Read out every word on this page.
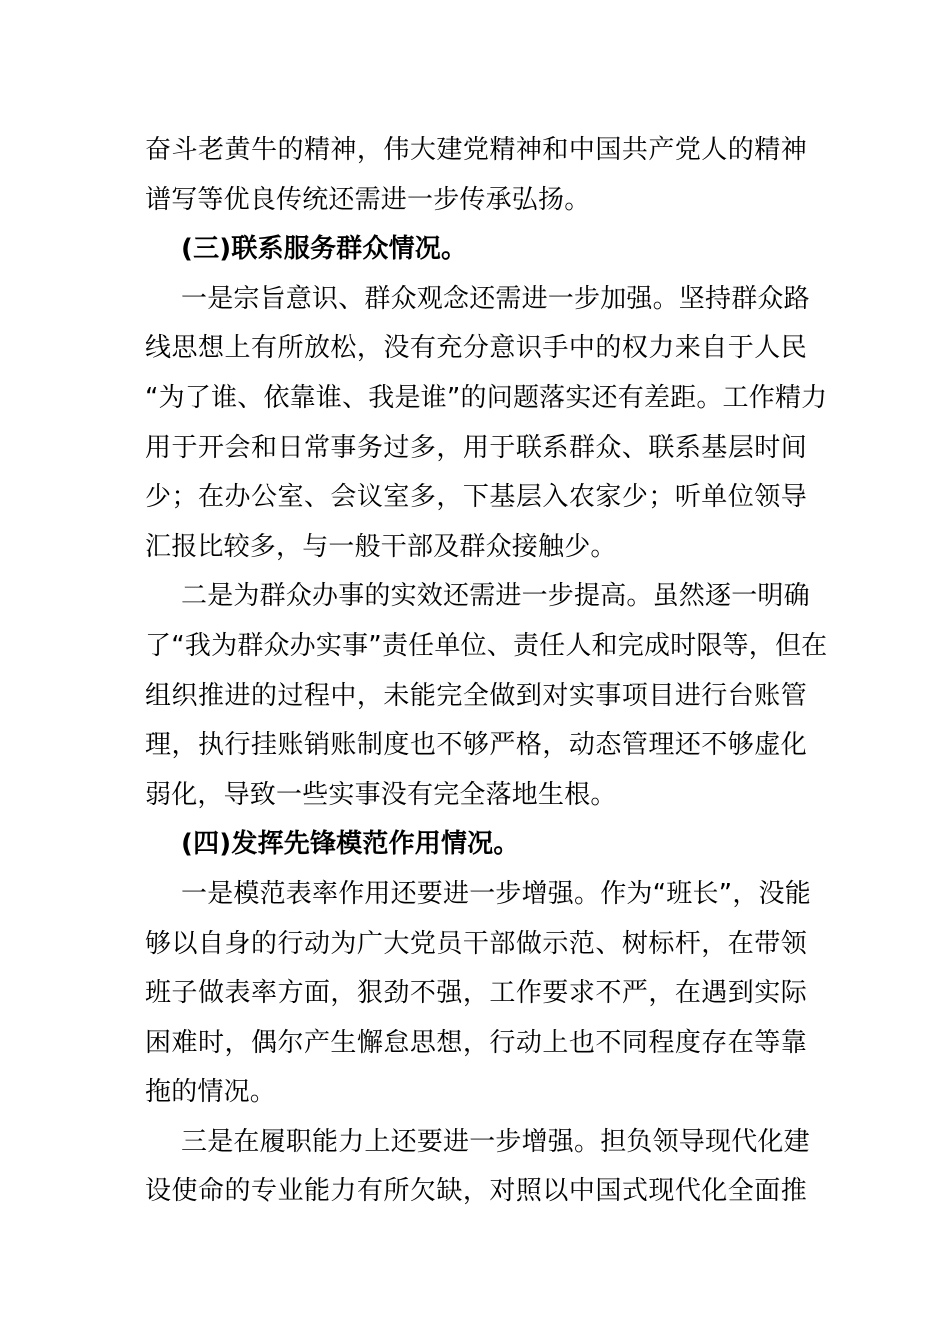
奋斗老黄牛的精神，伟大建党精神和中国共产党人的精神
谱写等优良传统还需进一步传承弘扬。
(三)联系服务群众情况。
一是宗旨意识、群众观念还需进一步加强。坚持群众路
线思想上有所放松，没有充分意识手中的权力来自于人民
“为了谁、依靠谁、我是谁”的问题落实还有差距。工作精力
用于开会和日常事务过多，用于联系群众、联系基层时间
少；在办公室、会议室多，下基层入农家少；听单位领导
汇报比较多，与一般干部及群众接触少。
二是为群众办事的实效还需进一步提高。虽然逐一明确
了“我为群众办实事”责任单位、责任人和完成时限等，但在
组织推进的过程中，未能完全做到对实事项目进行台账管
理，执行挂账销账制度也不够严格，动态管理还不够虚化
弱化，导致一些实事没有完全落地生根。
(四)发挥先锋模范作用情况。
一是模范表率作用还要进一步增强。作为“班长”，没能
够以自身的行动为广大党员干部做示范、树标杆，在带领
班子做表率方面，狠劲不强，工作要求不严，在遇到实际
困难时，偶尔产生懈怠思想，行动上也不同程度存在等靠
拖的情况。
三是在履职能力上还要进一步增强。担负领导现代化建
设使命的专业能力有所欠缺，对照以中国式现代化全面推
